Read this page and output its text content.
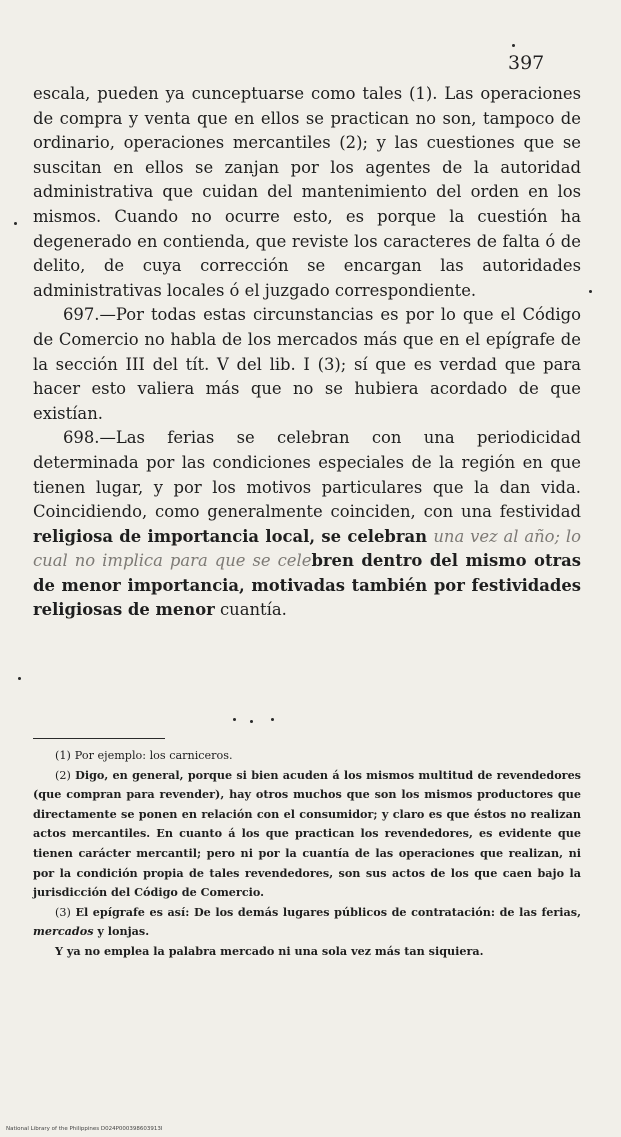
397

escala, pueden ya cunceptuarse como tales (1). Las operaciones de compra y venta que en ellos se practican no son, tampoco de ordinario, operaciones mercantiles (2); y las cuestiones que se suscitan en ellos se zanjan por los agentes de la autoridad administrativa que cuidan del mantenimiento del orden en los mismos. Cuando no ocurre esto, es porque la cuestión ha degenerado en contienda, que reviste los caracteres de falta ó de delito, de cuya corrección se encargan las autoridades administrativas locales ó el juzgado correspondiente.

697.—Por todas estas circunstancias es por lo que el Código de Comercio no habla de los mercados más que en el epígrafe de la sección III del tít. V del lib. I (3); sí que es verdad que para hacer esto valiera más que no se hubiera acordado de que existían.

698.—Las ferias se celebran con una periodicidad determinada por las condiciones especiales de la región en que tienen lugar, y por los motivos particulares que la dan vida. Coincidiendo, como generalmente coinciden, con una festividad religiosa de importancia local, se celebran una vez al año; lo cual no implica para que se celebren dentro del mismo otras de menor importancia, motivadas también por festividades religiosas de menor cuantía.

(1) Por ejemplo: los carniceros.

(2) Digo, en general, porque si bien acuden á los mismos multitud de revendedores (que compran para revender), hay otros muchos que son los mismos productores que directamente se ponen en relación con el consumidor; y claro es que éstos no realizan actos mercantiles. En cuanto á los que practican los revendedores, es evidente que tienen carácter mercantil; pero ni por la cuantía de las operaciones que realizan, ni por la condición propia de tales revendedores, son sus actos de los que caen bajo la jurisdicción del Código de Comercio.

(3) El epígrafe es así: De los demás lugares públicos de contratación: de las ferias, mercados y lonjas.

Y ya no emplea la palabra mercado ni una sola vez más tan siquiera.

National Library of the Philippines D024P000398603913I
